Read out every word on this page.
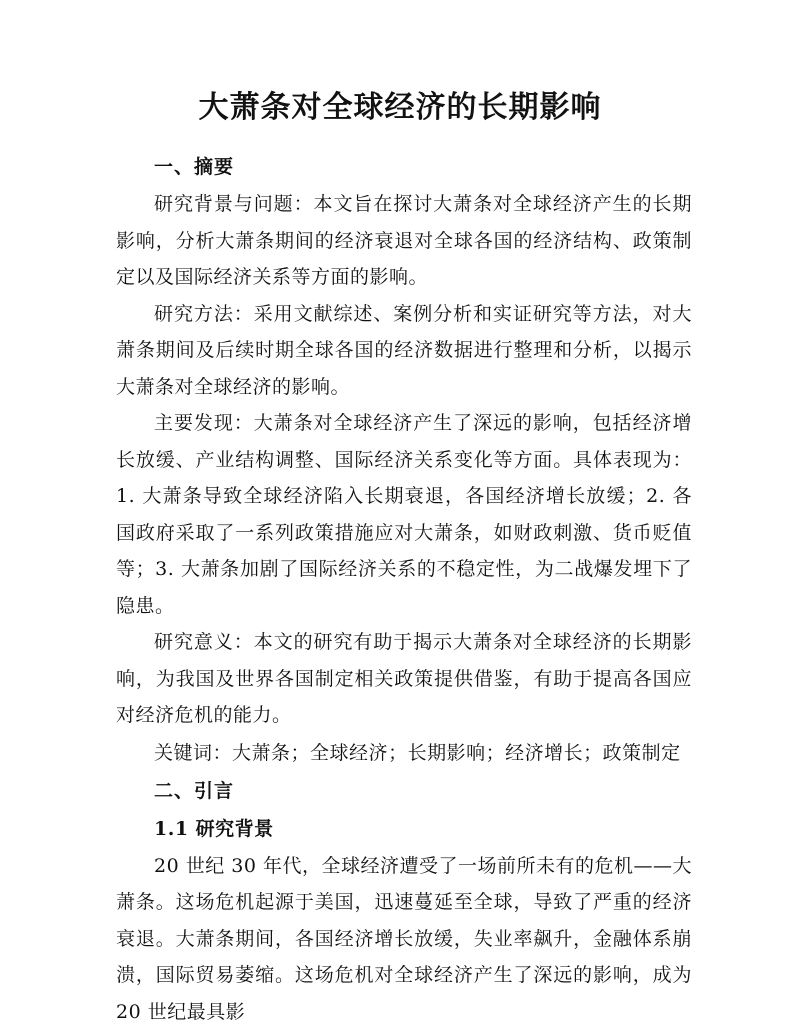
大萧条对全球经济的长期影响
一、摘要

研究背景与问题：本文旨在探讨大萧条对全球经济产生的长期影响，分析大萧条期间的经济衰退对全球各国的经济结构、政策制定以及国际经济关系等方面的影响。

研究方法：采用文献综述、案例分析和实证研究等方法，对大萧条期间及后续时期全球各国的经济数据进行整理和分析，以揭示大萧条对全球经济的影响。

主要发现：大萧条对全球经济产生了深远的影响，包括经济增长放缓、产业结构调整、国际经济关系变化等方面。具体表现为：1. 大萧条导致全球经济陷入长期衰退，各国经济增长放缓；2. 各国政府采取了一系列政策措施应对大萧条，如财政刺激、货币贬值等；3. 大萧条加剧了国际经济关系的不稳定性，为二战爆发埋下了隐患。

研究意义：本文的研究有助于揭示大萧条对全球经济的长期影响，为我国及世界各国制定相关政策提供借鉴，有助于提高各国应对经济危机的能力。

关键词：大萧条；全球经济；长期影响；经济增长；政策制定

二、引言
1.1 研究背景

20 世纪 30 年代，全球经济遭受了一场前所未有的危机——大萧条。这场危机起源于美国，迅速蔓延至全球，导致了严重的经济衰退。大萧条期间，各国经济增长放缓，失业率飙升，金融体系崩溃，国际贸易萎缩。这场危机对全球经济产生了深远的影响，成为 20 世纪最具影
